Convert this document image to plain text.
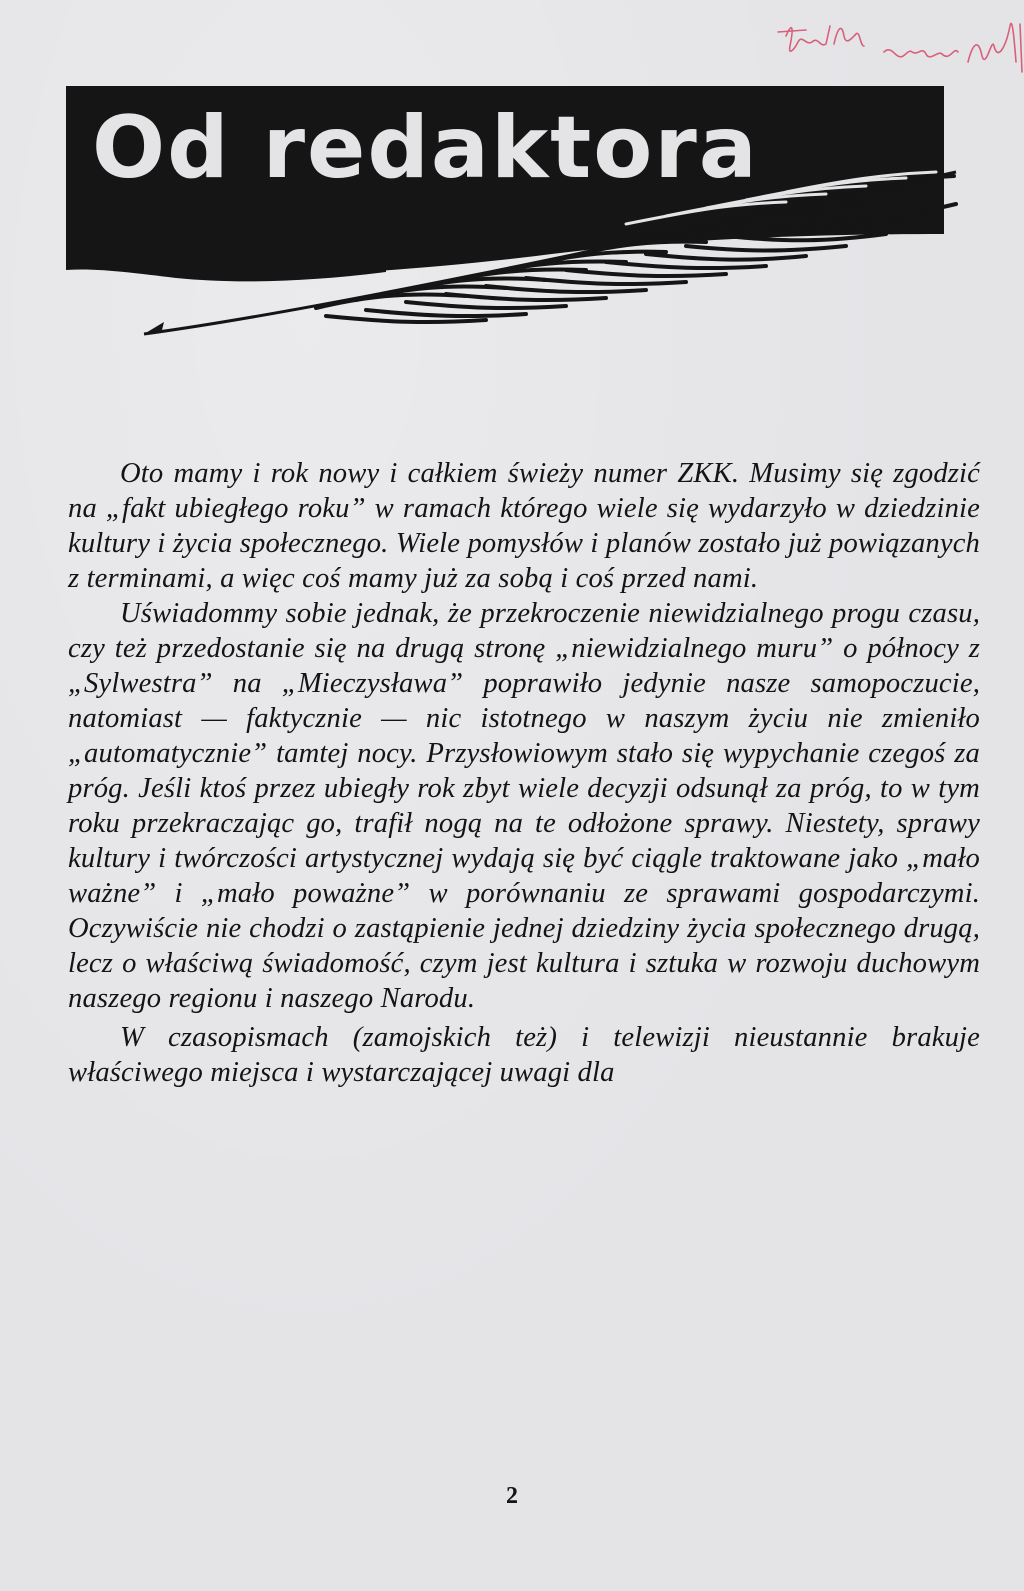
Od redaktora

Oto mamy i rok nowy i całkiem świeży numer ZKK. Musimy się zgodzić na „fakt ubiegłego roku” w ramach którego wiele się wydarzyło w dziedzinie kultury i życia społecznego. Wiele pomysłów i planów zostało już powiązanych z terminami, a więc coś mamy już za sobą i coś przed nami.

Uświadommy sobie jednak, że przekroczenie niewidzialnego progu czasu, czy też przedostanie się na drugą stronę „niewidzialnego muru” o północy z „Sylwestra” na „Mieczysława” poprawiło jedynie nasze samopoczucie, natomiast — faktycznie — nic istotnego w naszym życiu nie zmieniło „automatycznie” tamtej nocy. Przysłowiowym stało się wypychanie czegoś za próg. Jeśli ktoś przez ubiegły rok zbyt wiele decyzji odsunął za próg, to w tym roku przekraczając go, trafił nogą na te odłożone sprawy. Niestety, sprawy kultury i twórczości artystycznej wydają się być ciągle traktowane jako „mało ważne” i „mało poważne” w porównaniu ze sprawami gospodarczymi. Oczywiście nie chodzi o zastąpienie jednej dziedziny życia społecznego drugą, lecz o właściwą świadomość, czym jest kultura i sztuka w rozwoju duchowym naszego regionu i naszego Narodu.

W czasopismach (zamojskich też) i telewizji nieustannie brakuje właściwego miejsca i wystarczającej uwagi dla

2
